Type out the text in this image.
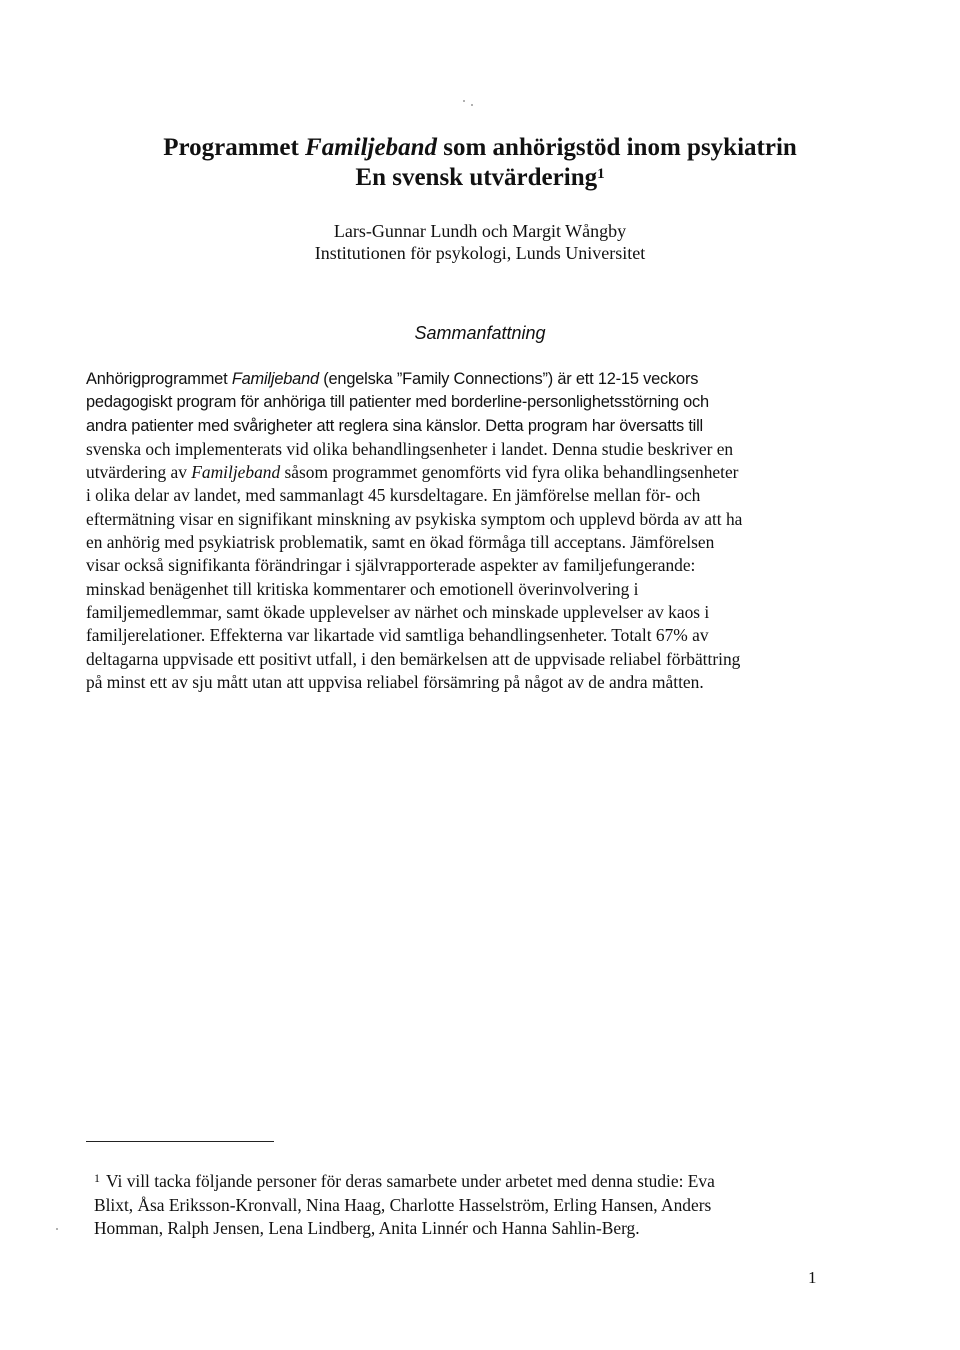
Programmet Familjeband som anhörigstöd inom psykiatrin
En svensk utvärdering$^1$
Lars-Gunnar Lundh och Margit Wångby
Institutionen för psykologi, Lunds Universitet
Sammanfattning
Anhörigprogrammet Familjeband (engelska ”Family Connections”) är ett 12-15 veckors
pedagogiskt program för anhöriga till patienter med borderline-personlighetsstörning och
andra patienter med svårigheter att reglera sina känslor. Detta program har översatts till
svenska och implementerats vid olika behandlingsenheter i landet. Denna studie beskriver en
utvärdering av Familjeband såsom programmet genomförts vid fyra olika behandlingsenheter
i olika delar av landet, med sammanlagt 45 kursdeltagare. En jämförelse mellan för- och
eftermätning visar en signifikant minskning av psykiska symptom och upplevd börda av att ha
en anhörig med psykiatrisk problematik, samt en ökad förmåga till acceptans. Jämförelsen
visar också signifikanta förändringar i självrapporterade aspekter av familjefungerande:
minskad benägenhet till kritiska kommentarer och emotionell överinvolvering i
familjemedlemmar, samt ökade upplevelser av närhet och minskade upplevelser av kaos i
familjerelationer. Effekterna var likartade vid samtliga behandlingsenheter. Totalt 67% av
deltagarna uppvisade ett positivt utfall, i den bemärkelsen att de uppvisade reliabel förbättring
på minst ett av sju mått utan att uppvisa reliabel försämring på något av de andra måtten.
$^1$ Vi vill tacka följande personer för deras samarbete under arbetet med denna studie: Eva
Blixt, Åsa Eriksson-Kronvall, Nina Haag, Charlotte Hasselström, Erling Hansen, Anders
Homman, Ralph Jensen, Lena Lindberg, Anita Linnér och Hanna Sahlin-Berg.
1
